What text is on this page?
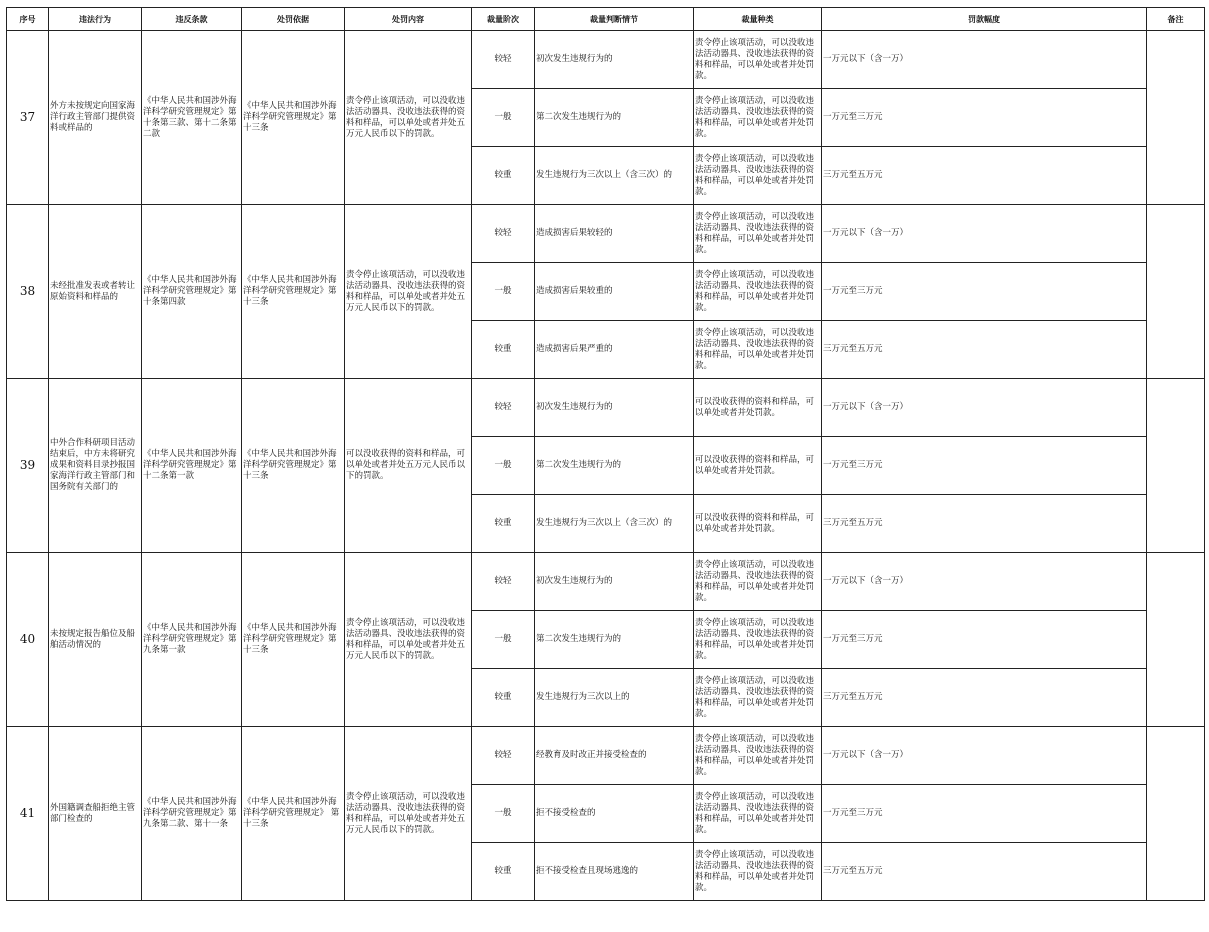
序号	违法行为	违反条款	处罚依据	处罚内容	裁量阶次	裁量判断情节	裁量种类	罚款幅度	备注
37	外方未按规定向国家海洋行政主管部门提供资料或样品的	《中华人民共和国涉外海洋科学研究管理规定》第十条第三款、第十二条第二款	《中华人民共和国涉外海洋科学研究管理规定》第十三条	责令停止该项活动，可以没收违法活动器具、没收违法获得的资料和样品，可以单处或者并处五万元人民币以下的罚款。	较轻	初次发生违规行为的	责令停止该项活动，可以没收违法活动器具、没收违法获得的资料和样品，可以单处或者并处罚款。	一万元以下（含一万）	
					一般	第二次发生违规行为的	责令停止该项活动，可以没收违法活动器具、没收违法获得的资料和样品，可以单处或者并处罚款。	一万元至三万元	
					较重	发生违规行为三次以上（含三次）的	责令停止该项活动，可以没收违法活动器具、没收违法获得的资料和样品，可以单处或者并处罚款。	三万元至五万元	
38	未经批准发表或者转让原始资料和样品的	《中华人民共和国涉外海洋科学研究管理规定》第十条第四款	《中华人民共和国涉外海洋科学研究管理规定》第十三条	责令停止该项活动，可以没收违法活动器具、没收违法获得的资料和样品，可以单处或者并处五万元人民币以下的罚款。	较轻	造成损害后果较轻的	责令停止该项活动，可以没收违法活动器具、没收违法获得的资料和样品，可以单处或者并处罚款。	一万元以下（含一万）	
					一般	造成损害后果较重的	责令停止该项活动，可以没收违法活动器具、没收违法获得的资料和样品，可以单处或者并处罚款。	一万元至三万元	
					较重	造成损害后果严重的	责令停止该项活动，可以没收违法活动器具、没收违法获得的资料和样品，可以单处或者并处罚款。	三万元至五万元	
39	中外合作科研项目活动结束后，中方未将研究成果和资料目录抄报国家海洋行政主管部门和国务院有关部门的	《中华人民共和国涉外海洋科学研究管理规定》第十二条第一款	《中华人民共和国涉外海洋科学研究管理规定》第十三条	可以没收获得的资料和样品，可以单处或者并处五万元人民币以下的罚款。	较轻	初次发生违规行为的	可以没收获得的资料和样品，可以单处或者并处罚款。	一万元以下（含一万）	
					一般	第二次发生违规行为的	可以没收获得的资料和样品，可以单处或者并处罚款。	一万元至三万元	
					较重	发生违规行为三次以上（含三次）的	可以没收获得的资料和样品，可以单处或者并处罚款。	三万元至五万元	
40	未按规定报告船位及船舶活动情况的	《中华人民共和国涉外海洋科学研究管理规定》第九条第一款	《中华人民共和国涉外海洋科学研究管理规定》第十三条	责令停止该项活动，可以没收违法活动器具、没收违法获得的资料和样品，可以单处或者并处五万元人民币以下的罚款。	较轻	初次发生违规行为的	责令停止该项活动，可以没收违法活动器具、没收违法获得的资料和样品，可以单处或者并处罚款。	一万元以下（含一万）	
					一般	第二次发生违规行为的	责令停止该项活动，可以没收违法活动器具、没收违法获得的资料和样品，可以单处或者并处罚款。	一万元至三万元	
					较重	发生违规行为三次以上的	责令停止该项活动，可以没收违法活动器具、没收违法获得的资料和样品，可以单处或者并处罚款。	三万元至五万元	
41	外国籍调查船拒绝主管部门检查的	《中华人民共和国涉外海洋科学研究管理规定》第九条第二款、第十一条	《中华人民共和国涉外海洋科学研究管理规定》 第十三条	责令停止该项活动，可以没收违法活动器具、没收违法获得的资料和样品，可以单处或者并处五万元人民币以下的罚款。	较轻	经教育及时改正并接受检查的	责令停止该项活动，可以没收违法活动器具、没收违法获得的资料和样品，可以单处或者并处罚款。	一万元以下（含一万）	
					一般	拒不接受检查的	责令停止该项活动，可以没收违法活动器具、没收违法获得的资料和样品，可以单处或者并处罚款。	一万元至三万元	
					较重	拒不接受检查且现场逃逸的	责令停止该项活动，可以没收违法活动器具、没收违法获得的资料和样品，可以单处或者并处罚款。	三万元至五万元	
